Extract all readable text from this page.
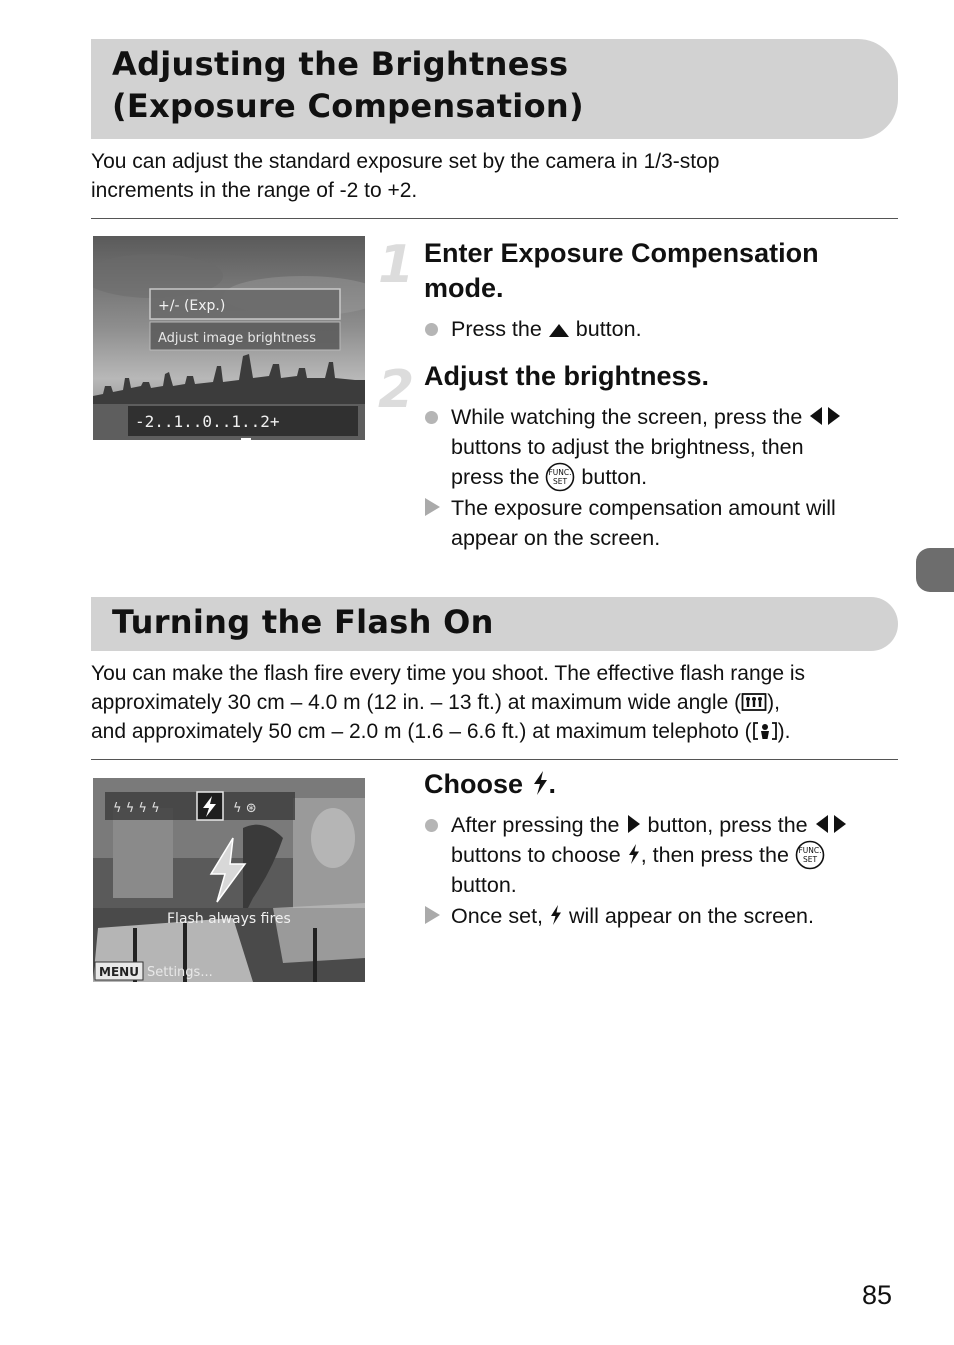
Adjusting the Brightness
(Exposure Compensation)

You can adjust the standard exposure set by the camera in 1/3-stop
increments in the range of -2 to +2.

+/- (Exp.)
Adjust image brightness
-2..1..0..1..2+
1 Enter Exposure Compensation
mode.
Press the button.
2 Adjust the brightness.
While watching the screen, press the
buttons to adjust the brightness, then
press the FUNC.
SET button.
The exposure compensation amount will
appear on the screen.
Turning the Flash On

You can make the flash fire every time you shoot. The effective flash range is
approximately 30 cm – 4.0 m (12 in. – 13 ft.) at maximum wide angle ( ),
and approximately 50 cm – 2.0 m (1.6 – 6.6 ft.) at maximum telephoto ( ).

ϟ ϟ ϟ ϟ	ϟ ⊛
Flash always fires
MENU Settings...
Choose .
After pressing the button, press the
buttons to choose , then press the FUNC.
SET

button.
Once set, will appear on the screen.
85
